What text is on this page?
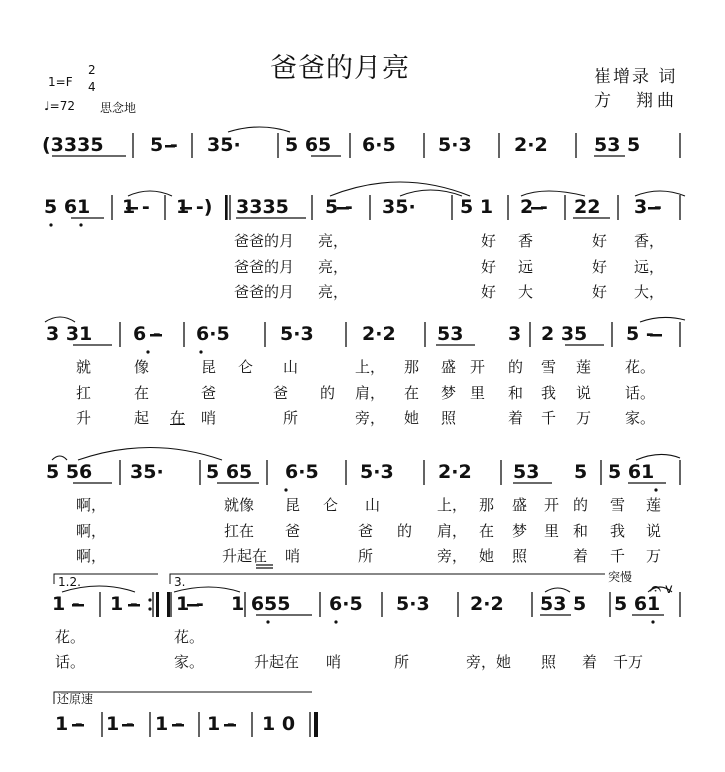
爸爸的月亮
1=F
2
4
♩=72 思念地
崔增录 词
方　翔曲
(3335 5 - 35· 5 65 6·5 5·3 2·2 53 5
5 61 1 - 1 -) 3335 5 - 35· 5 1 2 - 22 3 -
爸爸的月 亮，	好 香	好 香，
爸爸的月 亮，	好 远	好 远，
爸爸的月 亮，	好 大	好 大，
3 31 6 - 6·5	5·3	2·2 53 3 2 35 5 -
就	像	昆 仑 山	上， 那 盛 开 的 雪 莲 花。
扛	在	爸	爸 的 肩， 在 梦 里 和 我 说 话。
升	起 在 哨	所	旁， 她 照	着 千 万 家。
5 56 35· 5 65 6·5 5·3 2·2 53 5 5 61
啊，	就像 昆 仑 山	上， 那 盛 开 的 雪 莲
啊，	扛在 爸	爸 的 肩， 在 梦 里 和 我 说
啊，	升起在 哨	所	旁， 她 照	着 千 万
1.2.	3.	突慢 𝄐 v
1 - 1 - 1 - 1 655 6·5 5·3 2·2 53 5 5 61
花。	花。
话。	家。	升起在 哨	所	旁，她 照 着 千万
还原速
1 - 1 - 1 - 1 - 1 0
